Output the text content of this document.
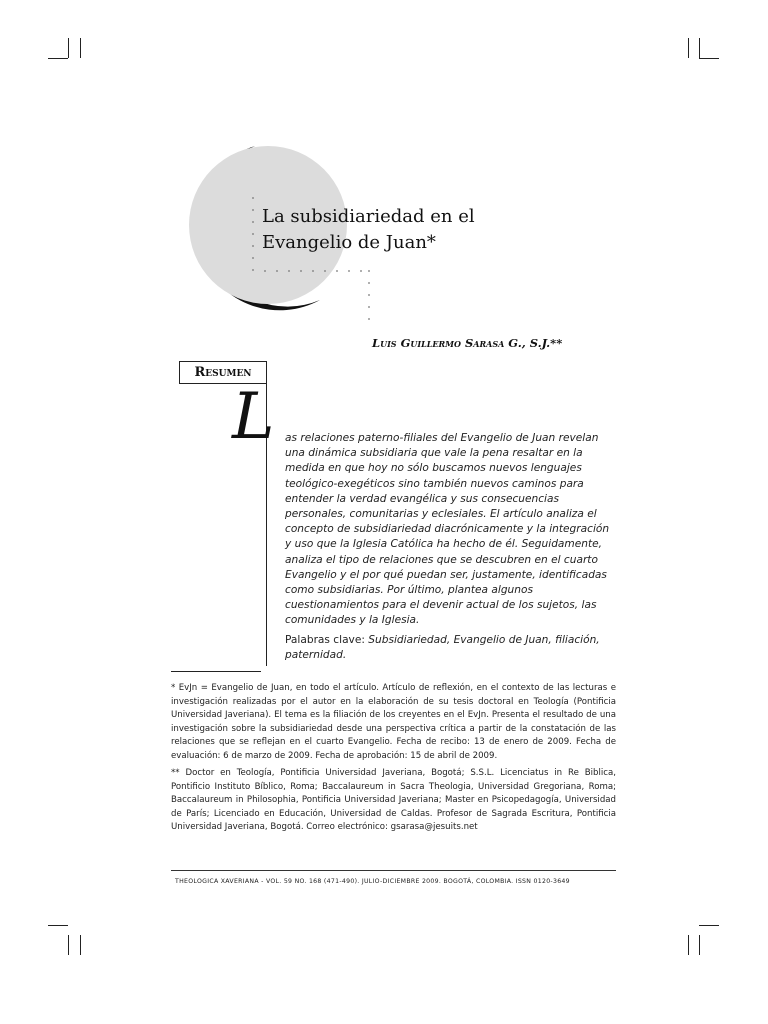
La subsidiariedad en el
Evangelio de Juan*
Luis Guillermo Sarasa G., S.J.**
Resumen
L as relaciones paterno-filiales del Evangelio de Juan revelan una dinámica subsidiaria que vale la pena resaltar en la medida en que hoy no sólo buscamos nuevos lenguajes teológico-exegéticos sino también nuevos caminos para entender la verdad evangélica y sus consecuencias personales, comunitarias y eclesiales. El artículo analiza el concepto de subsidiariedad diacrónicamente y la integración y uso que la Iglesia Católica ha hecho de él. Seguidamente, analiza el tipo de relaciones que se descubren en el cuarto Evangelio y el por qué puedan ser, justamente, identificadas como subsidiarias. Por último, plantea algunos cuestionamientos para el devenir actual de los sujetos, las comunidades y la Iglesia.
Palabras clave: Subsidiariedad, Evangelio de Juan, filiación, paternidad.
* EvJn = Evangelio de Juan, en todo el artículo. Artículo de reflexión, en el contexto de las lecturas e investigación realizadas por el autor en la elaboración de su tesis doctoral en Teología (Pontificia Universidad Javeriana). El tema es la filiación de los creyentes en el EvJn. Presenta el resultado de una investigación sobre la subsidiariedad desde una perspectiva crítica a partir de la constatación de las relaciones que se reflejan en el cuarto Evangelio. Fecha de recibo: 13 de enero de 2009. Fecha de evaluación: 6 de marzo de 2009. Fecha de aprobación: 15 de abril de 2009.
** Doctor en Teología, Pontificia Universidad Javeriana, Bogotá; S.S.L. Licenciatus in Re Biblica, Pontificio Instituto Bíblico, Roma; Baccalaureum in Sacra Theologia, Universidad Gregoriana, Roma; Baccalaureum in Philosophia, Pontificia Universidad Javeriana; Master en Psicopedagogía, Universidad de París; Licenciado en Educación, Universidad de Caldas. Profesor de Sagrada Escritura, Pontificia Universidad Javeriana, Bogotá. Correo electrónico: gsarasa@jesuits.net
THEOLOGICA XAVERIANA - VOL. 59 NO. 168 (471-490). JULIO-DICIEMBRE 2009. BOGOTÁ, COLOMBIA. ISSN 0120-3649
